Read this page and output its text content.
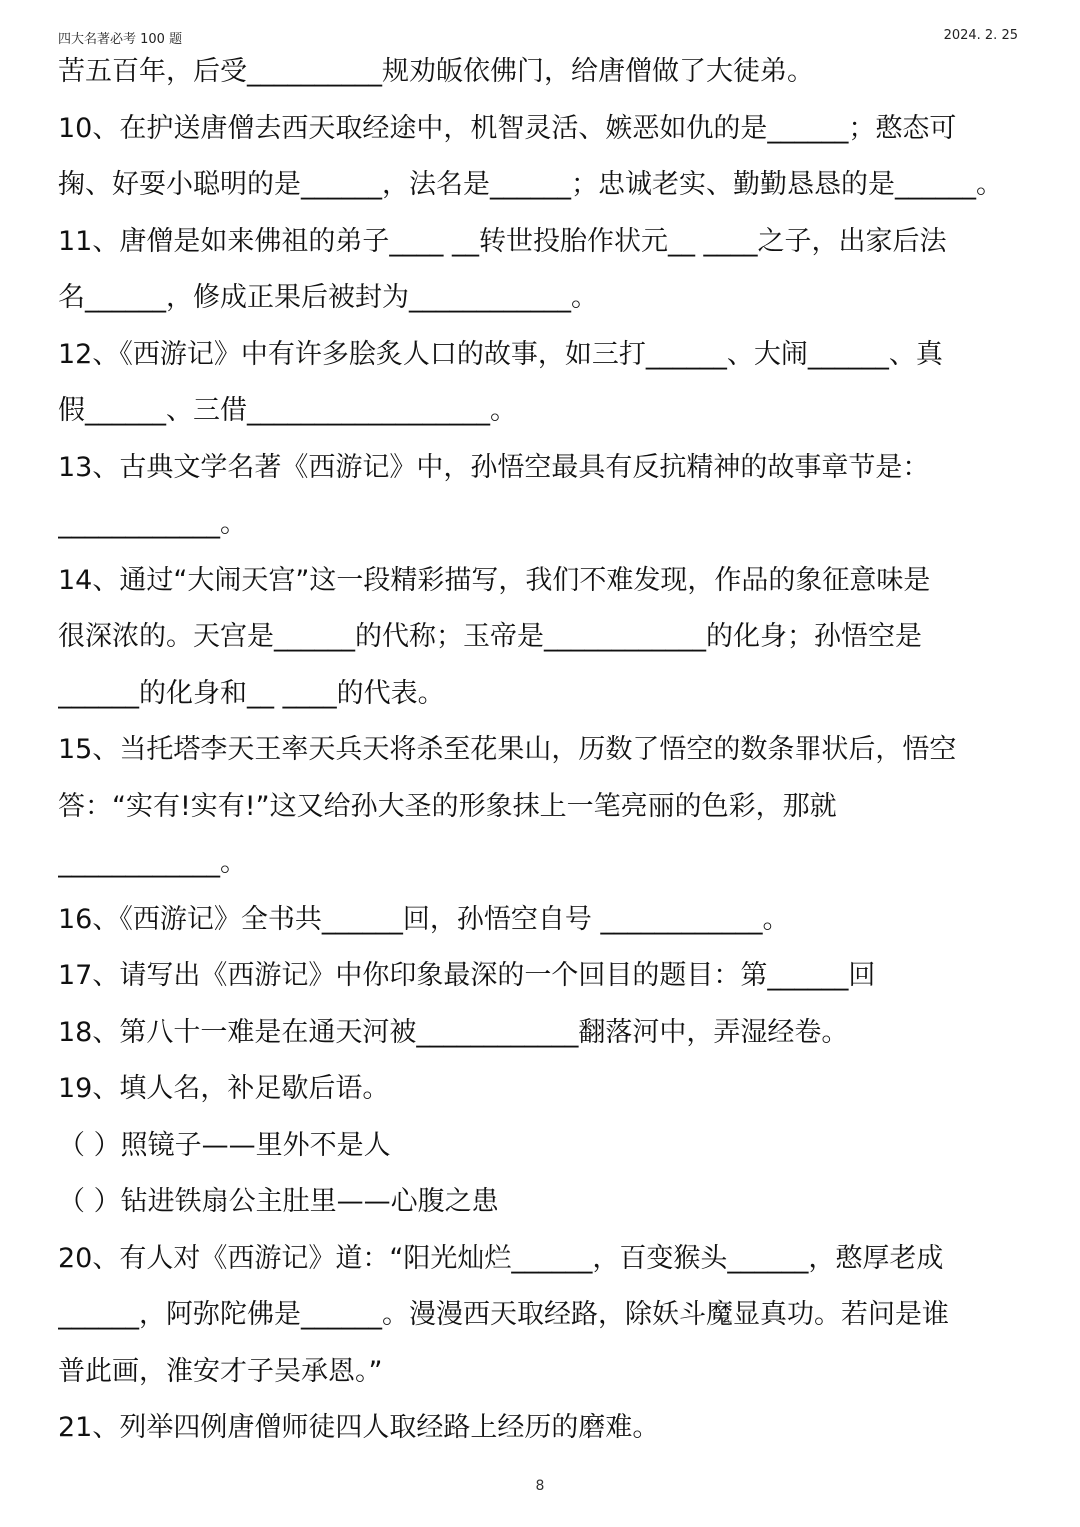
四大名著必考 100 题	2024. 2. 25
苦五百年，后受__________规劝皈依佛门，给唐僧做了大徒弟。
10、在护送唐僧去西天取经途中，机智灵活、嫉恶如仇的是______；憨态可
掬、好耍小聪明的是______，法名是______；忠诚老实、勤勤恳恳的是______。
11、唐僧是如来佛祖的弟子____ __转世投胎作状元__ ____之子，出家后法
名______，修成正果后被封为____________。
12、《西游记》中有许多脍炙人口的故事，如三打______、大闹______、真
假______、三借__________________。
13、古典文学名著《西游记》中，孙悟空最具有反抗精神的故事章节是：
____________。
14、通过“大闹天宫”这一段精彩描写，我们不难发现，作品的象征意味是
很深浓的。天宫是______的代称；玉帝是____________的化身；孙悟空是
______的化身和__ ____的代表。
15、当托塔李天王率天兵天将杀至花果山，历数了悟空的数条罪状后，悟空
答：“实有!实有!”这又给孙大圣的形象抹上一笔亮丽的色彩，那就
____________。
16、《西游记》全书共______回，孙悟空自号 ____________。
17、请写出《西游记》中你印象最深的一个回目的题目：第______回
18、第八十一难是在通天河被____________翻落河中，弄湿经卷。
19、填人名，补足歇后语。
（ ）照镜子——里外不是人
（ ）钻进铁扇公主肚里——心腹之患
20、有人对《西游记》道：“阳光灿烂______，百变猴头______，憨厚老成
______，阿弥陀佛是______。漫漫西天取经路，除妖斗魔显真功。若问是谁
普此画，淮安才子吴承恩。”
21、列举四例唐僧师徒四人取经路上经历的磨难。
8
